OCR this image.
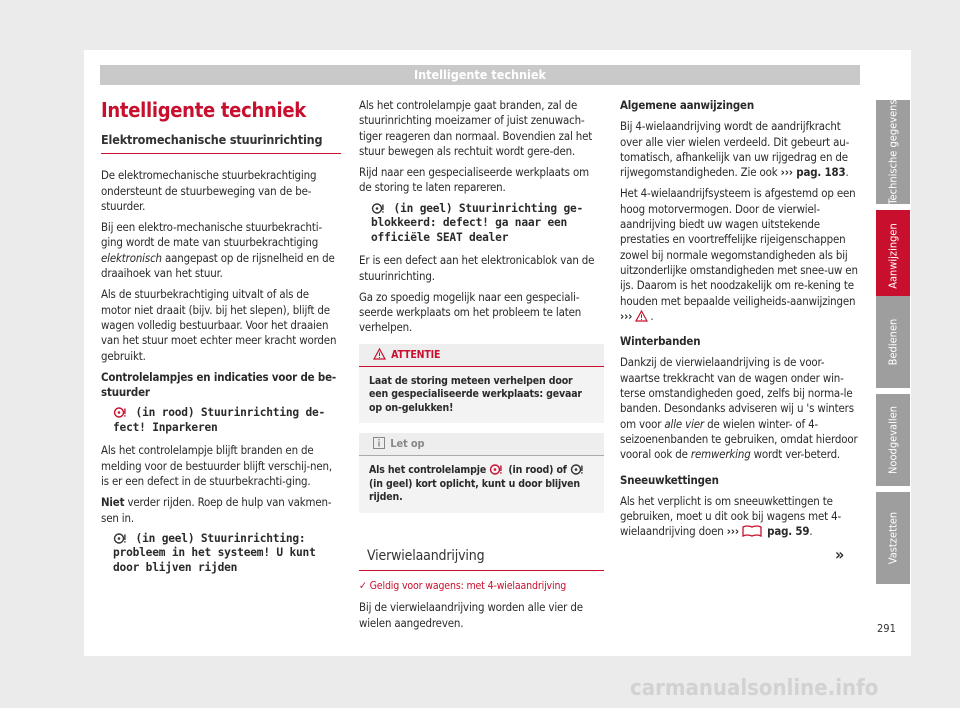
Intelligente techniek
Intelligente techniek
Elektromechanische stuurinrichting

De elektromechanische stuurbekrachtiging ondersteunt de stuurbeweging van de be-stuurder.

Bij een elektro-mechanische stuurbekrachti-ging wordt de mate van stuurbekrachtiging elektronisch aangepast op de rijsnelheid en de draaihoek van het stuur.

Als de stuurbekrachtiging uitvalt of als de motor niet draait (bijv. bij het slepen), blijft de wagen volledig bestuurbaar. Voor het draaien van het stuur moet echter meer kracht worden gebruikt.

Controlelampjes en indicaties voor de be-stuurder

(in rood) Stuurinrichting de-fect! Inparkeren

Als het controlelampje blijft branden en de melding voor de bestuurder blijft verschij-nen, is er een defect in de stuurbekrachti-ging.

Niet verder rijden. Roep de hulp van vakmen-sen in.

(in geel) Stuurinrichting: probleem in het systeem! U kunt door blijven rijden

Als het controlelampje gaat branden, zal de stuurinrichting moeizamer of juist zenuwach-tiger reageren dan normaal. Bovendien zal het stuur bewegen als rechtuit wordt gere-den.

Rijd naar een gespecialiseerde werkplaats om de storing te laten repareren.

(in geel) Stuurinrichting ge-blokkeerd: defect! ga naar een officiële SEAT dealer

Er is een defect aan het elektronicablok van de stuurinrichting.

Ga zo spoedig mogelijk naar een gespeciali-seerde werkplaats om het probleem te laten verhelpen.

ATTENTIE
Laat de storing meteen verhelpen door een gespecialiseerde werkplaats: gevaar op on-gelukken!
Let op
Als het controlelampje (in rood) of  (in geel) kort oplicht, kunt u door blijven rijden.
Vierwielaandrijving

✓ Geldig voor wagens: met 4-wielaandrijving

Bij de vierwielaandrijving worden alle vier de wielen aangedreven.

Algemene aanwijzingen

Bij 4-wielaandrijving wordt de aandrijfkracht over alle vier wielen verdeeld. Dit gebeurt au-tomatisch, afhankelijk van uw rijgedrag en de rijwegomstandigheden. Zie ook ››› pag. 183.

Het 4-wielaandrijfsysteem is afgestemd op een hoog motorvermogen. Door de vierwiel-aandrijving biedt uw wagen uitstekende prestaties en voortreffelijke rijeigenschappen zowel bij normale wegomstandigheden als bij uitzonderlijke omstandigheden met snee-uw en ijs. Daarom is het noodzakelijk om re-kening te houden met bepaalde veiligheids-aanwijzingen ››› .

Winterbanden

Dankzij de vierwielaandrijving is de voor-waartse trekkracht van de wagen onder win-terse omstandigheden goed, zelfs bij norma-le banden. Desondanks adviseren wij u 's winters om voor alle vier de wielen winter- of 4-seizoenenbanden te gebruiken, omdat hierdoor vooral ook de remwerking wordt ver-beterd.

Sneeuwkettingen

Als het verplicht is om sneeuwkettingen te gebruiken, moet u dit ook bij wagens met 4-wielaandrijving doen ››› pag. 59.

»
Technische gegevens
Aanwijzingen
Bedienen
Noodgevallen
Vastzetten
291
carmanualsonline.info
